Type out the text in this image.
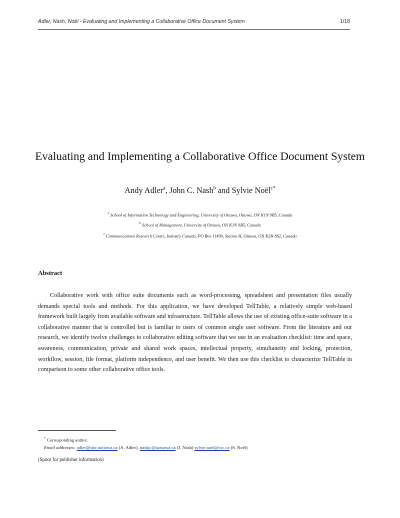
Adler, Nash, Noël - Evaluating and Implementing a Collaborative Office Document System	1/18
Evaluating and Implementing a Collaborative Office Document System
Andy Adler$^a$, John C. Nash$^b$ and Sylvie Noël$^{c*}$
$^a$ School of Information Technology and Engineering, University of Ottawa, Ottawa, ON K1N 9B5, Canada
$^b$ School of Management, University of Ottawa, ON K1N 9B5, Canada
$^c$ Communications Research Centre, Industry Canada, PO Box 11490, Station H, Ottawa, ON K2H 8S2, Canada
Abstract
Collaborative work with office suite documents such as word-processing, spreadsheet and presentation files usually demands special tools and methods. For this application, we have developed TellTable, a relatively simple web-based framework built largely from available software and infrastructure. TellTable allows the use of existing office-suite software in a collaborative manner that is controlled but is familiar to users of common single user software. From the literature and our research, we identify twelve challenges to collaborative editing software that we use in an evaluation checklist: time and space, awareness, communication, private and shared work spaces, intellectual property, simultaneity and locking, protection, workflow, session, file format, platform independence, and user benefit. We then use this checklist to characterize TellTable in comparison to some other collaborative office tools.
* Corresponding author.
Email addresses: adler@site.uottawa.ca (A. Adler), nashjc@uottawa.ca (J. Nash) sylvie.noel@crc.ca (S. Noël)
(Space for publisher information)
